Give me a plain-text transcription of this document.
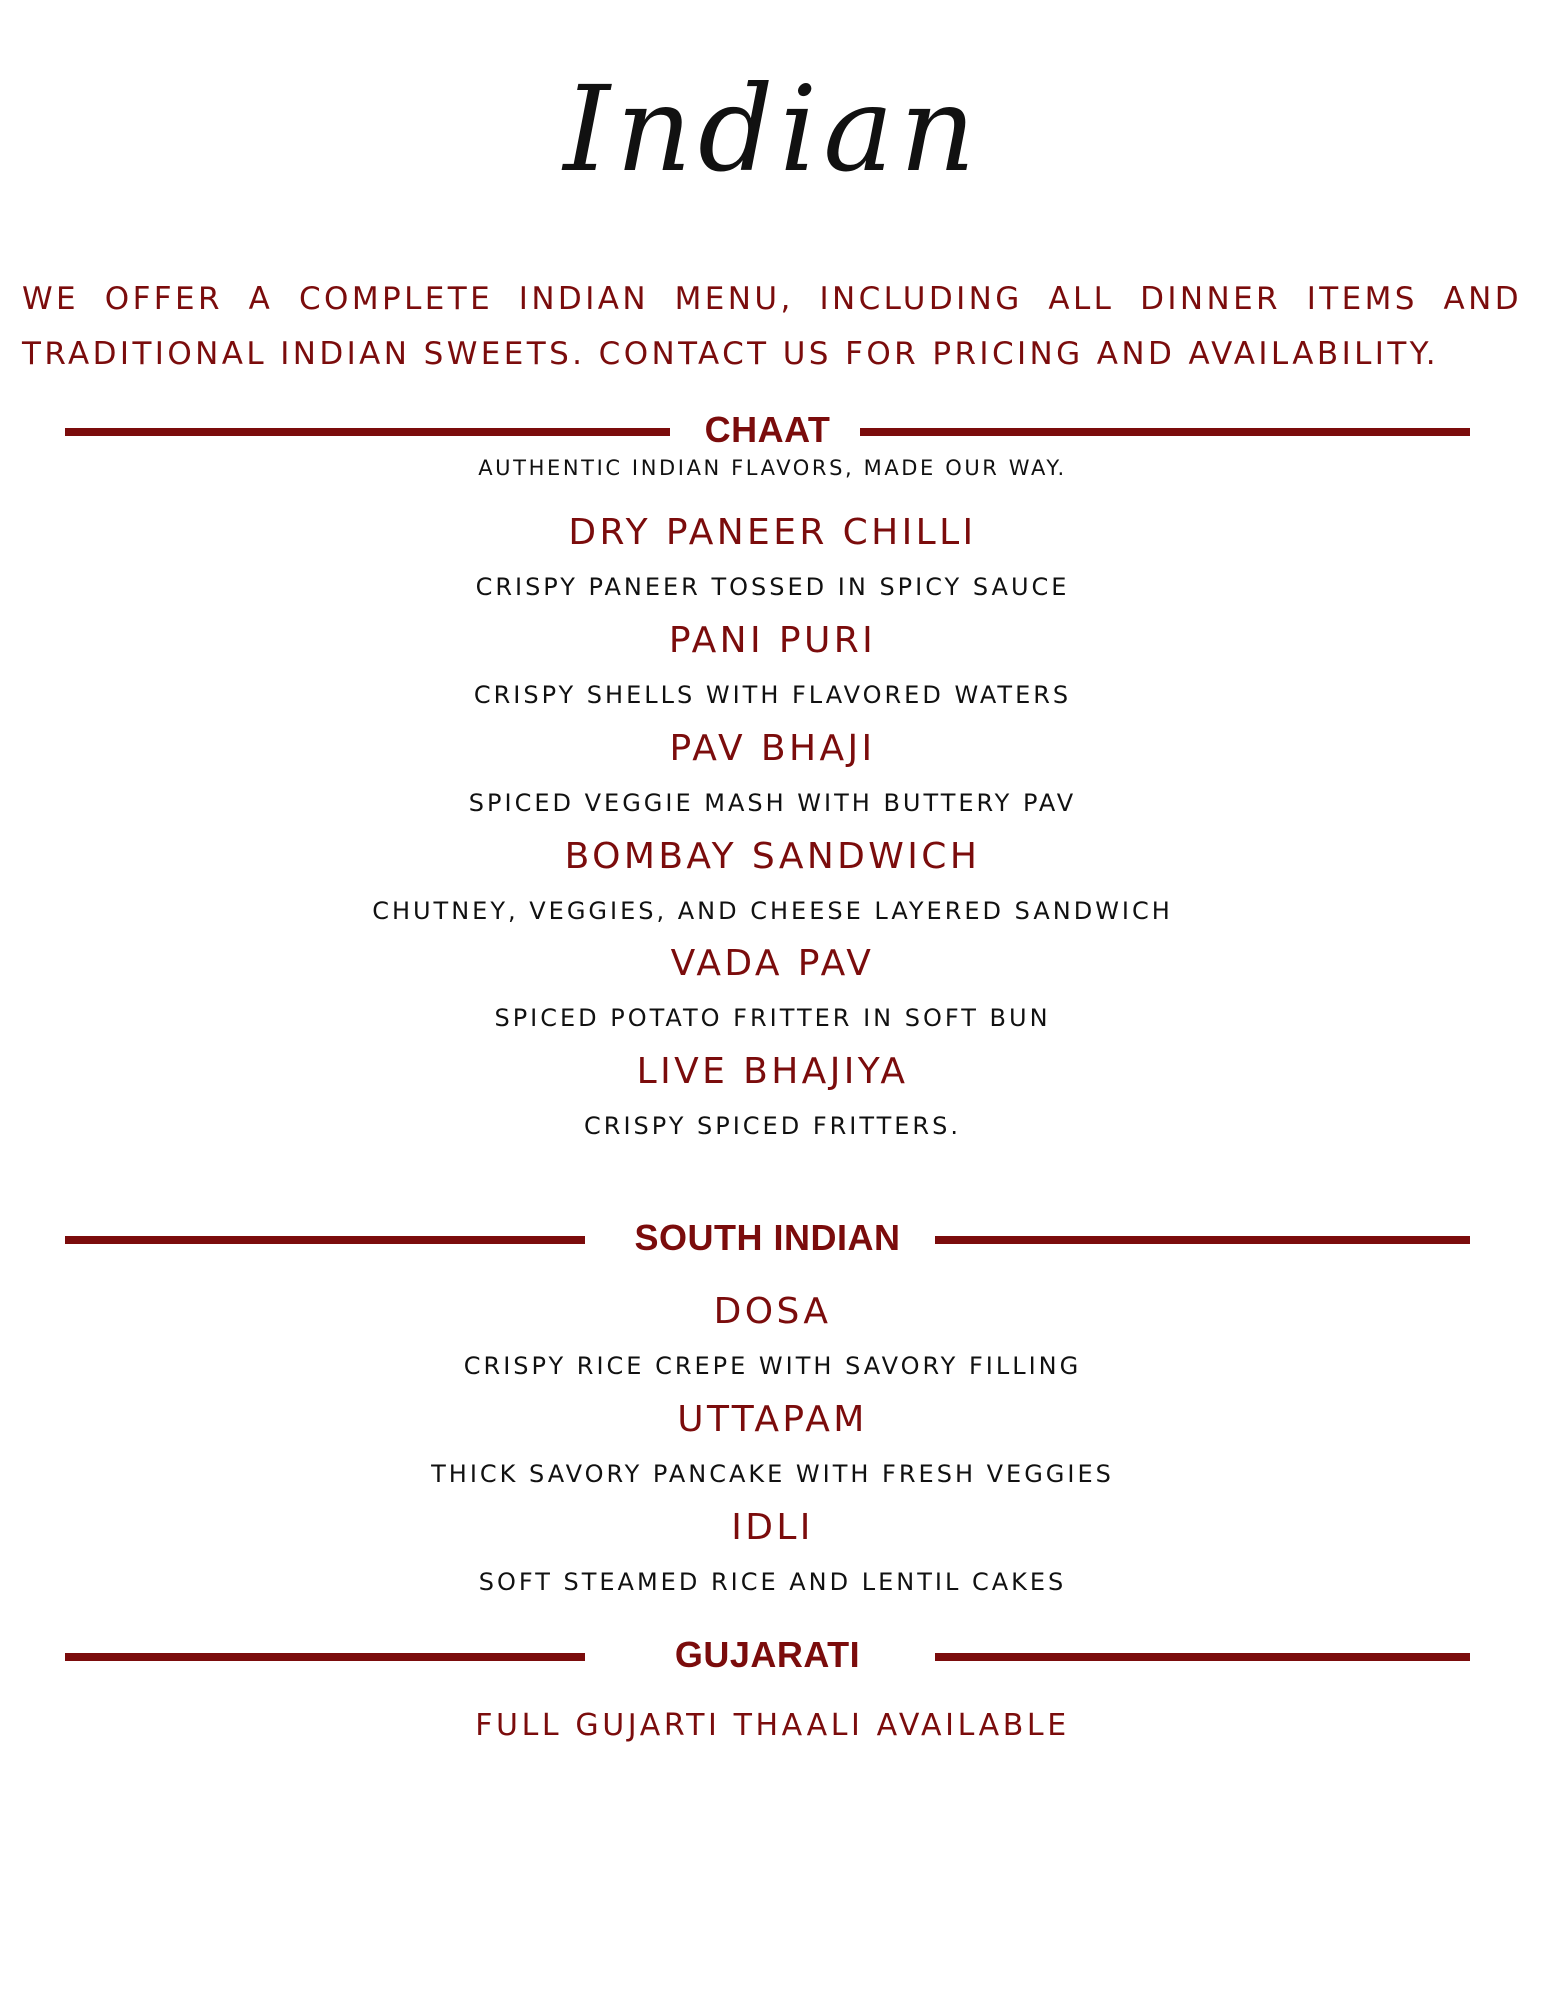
Indian

WE OFFER A COMPLETE INDIAN MENU, INCLUDING ALL DINNER ITEMS AND
TRADITIONAL INDIAN SWEETS. CONTACT US FOR PRICING AND AVAILABILITY.

CHAAT

AUTHENTIC INDIAN FLAVORS, MADE OUR WAY.

DRY PANEER CHILLI

CRISPY PANEER TOSSED IN SPICY SAUCE

PANI PURI

CRISPY SHELLS WITH FLAVORED WATERS

PAV BHAJI

SPICED VEGGIE MASH WITH BUTTERY PAV

BOMBAY SANDWICH

CHUTNEY, VEGGIES, AND CHEESE LAYERED SANDWICH

VADA PAV

SPICED POTATO FRITTER IN SOFT BUN

LIVE BHAJIYA

CRISPY SPICED FRITTERS.

SOUTH INDIAN

DOSA

CRISPY RICE CREPE WITH SAVORY FILLING

UTTAPAM

THICK SAVORY PANCAKE WITH FRESH VEGGIES

IDLI

SOFT STEAMED RICE AND LENTIL CAKES

GUJARATI

FULL GUJARTI THAALI AVAILABLE
